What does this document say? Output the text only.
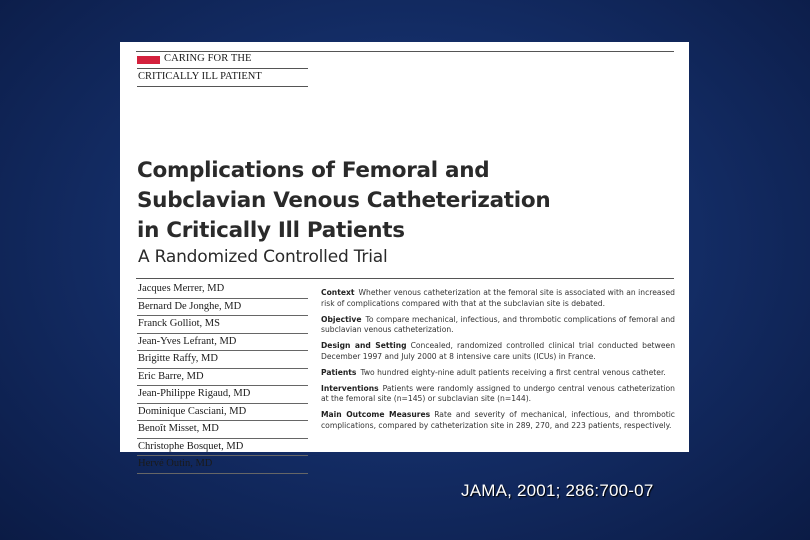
CARING FOR THE
CRITICALLY ILL PATIENT
Complications of Femoral and
Subclavian Venous Catheterization
in Critically Ill Patients
A Randomized Controlled Trial
Jacques Merrer, MD
Bernard De Jonghe, MD
Franck Golliot, MS
Jean-Yves Lefrant, MD
Brigitte Raffy, MD
Eric Barre, MD
Jean-Philippe Rigaud, MD
Dominique Casciani, MD
Benoît Misset, MD
Christophe Bosquet, MD
Hervé Outin, MD

Context Whether venous catheterization at the femoral site is associated with an increased risk of complications compared with that at the subclavian site is debated.

Objective To compare mechanical, infectious, and thrombotic complications of femoral and subclavian venous catheterization.

Design and Setting Concealed, randomized controlled clinical trial conducted between December 1997 and July 2000 at 8 intensive care units (ICUs) in France.

Patients Two hundred eighty-nine adult patients receiving a first central venous catheter.

Interventions Patients were randomly assigned to undergo central venous catheterization at the femoral site (n=145) or subclavian site (n=144).

Main Outcome Measures Rate and severity of mechanical, infectious, and thrombotic complications, compared by catheterization site in 289, 270, and 223 patients, respectively.

JAMA, 2001; 286:700-07
